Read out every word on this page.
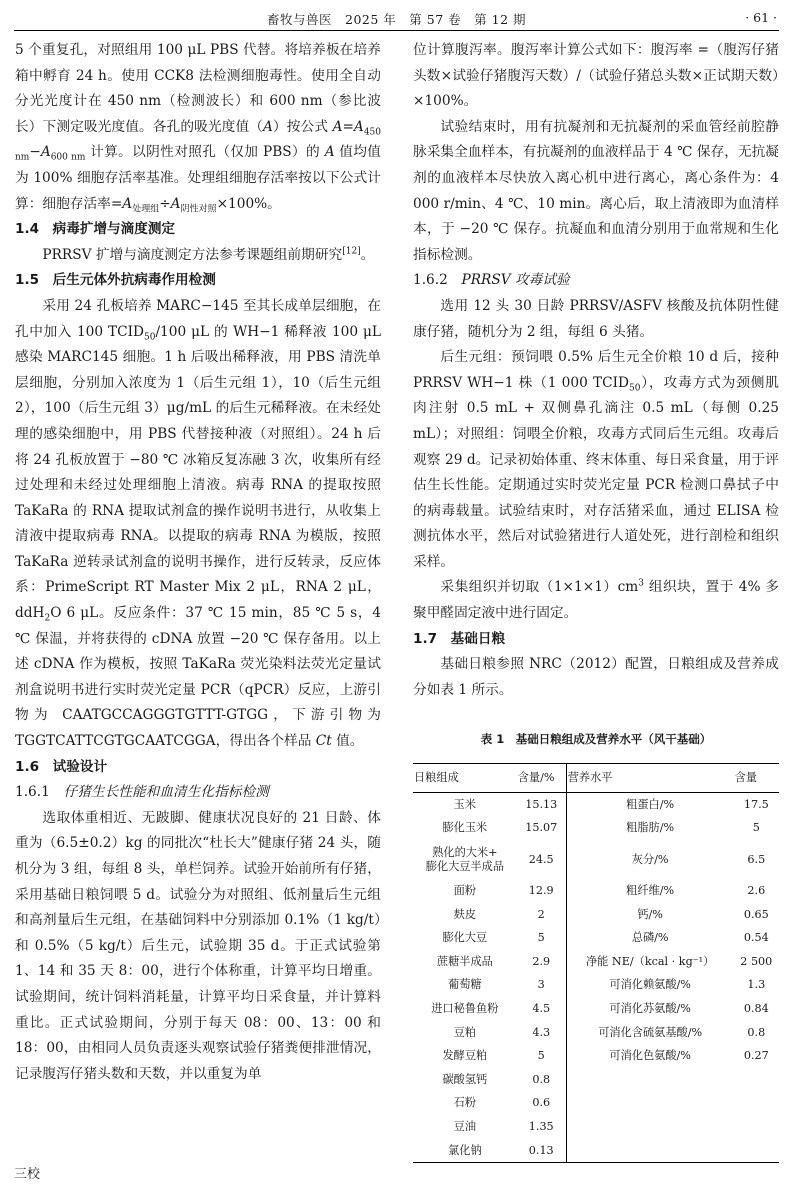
畜牧与兽医  2025 年  第 57 卷  第 12 期	· 61 ·

5 个重复孔，对照组用 100 μL PBS 代替。将培养板在培养箱中孵育 24 h。使用 CCK8 法检测细胞毒性。使用全自动分光光度计在 450 nm（检测波长）和 600 nm（参比波长）下测定吸光度值。各孔的吸光度值（A）按公式 $A=A_{450 nm}-A_{600 nm}$ 计算。以阴性对照孔（仅加 PBS）的 A 值均值为 100% 细胞存活率基准。处理组细胞存活率按以下公式计算：细胞存活率$=A_{处理组}\div A_{阴性对照}\times 100\%$。

1.4　病毒扩增与滴度测定

PRRSV 扩增与滴度测定方法参考课题组前期研究[12]。

1.5　后生元体外抗病毒作用检测

采用 24 孔板培养 MARC−145 至其长成单层细胞，在孔中加入 100 $TCID_{50}/100$ μL 的 WH−1 稀释液 100 μL 感染 MARC145 细胞。1 h 后吸出稀释液，用 PBS 清洗单层细胞，分别加入浓度为 1（后生元组 1），10（后生元组 2），100（后生元组 3）μg/mL 的后生元稀释液。在未经处理的感染细胞中，用 PBS 代替接种液（对照组）。24 h 后将 24 孔板放置于 −80 ℃ 冰箱反复冻融 3 次，收集所有经过处理和未经过处理细胞上清液。病毒 RNA 的提取按照 TaKaRa 的 RNA 提取试剂盒的操作说明书进行，从收集上清液中提取病毒 RNA。以提取的病毒 RNA 为模版，按照 TaKaRa 逆转录试剂盒的说明书操作，进行反转录，反应体系：PrimeScript RT Master Mix 2 μL，RNA 2 μL，ddH$_2$O 6 μL。反应条件：37 ℃ 15 min，85 ℃ 5 s，4 ℃ 保温，并将获得的 cDNA 放置 −20 ℃ 保存备用。以上述 cDNA 作为模板，按照 TaKaRa 荧光染料法荧光定量试剂盒说明书进行实时荧光定量 PCR（qPCR）反应，上游引物为 CAATGCCAGGGTGTTT-GTGG，下游引物为 TGGTCATTCGTGCAATCGGA，得出各个样品 Ct 值。

1.6　试验设计

1.6.1　仔猪生长性能和血清生化指标检测

选取体重相近、无跛脚、健康状况良好的 21 日龄、体重为（6.5±0.2）kg 的同批次“杜长大”健康仔猪 24 头，随机分为 3 组，每组 8 头，单栏饲养。试验开始前所有仔猪，采用基础日粮饲喂 5 d。试验分为对照组、低剂量后生元组和高剂量后生元组，在基础饲料中分别添加 0.1%（1 kg/t）和 0.5%（5 kg/t）后生元，试验期 35 d。于正式试验第 1、14 和 35 天 8：00，进行个体称重，计算平均日增重。试验期间，统计饲料消耗量，计算平均日采食量，并计算料重比。正式试验期间，分别于每天 08：00、13：00 和 18：00，由相同人员负责逐头观察试验仔猪粪便排泄情况，记录腹泻仔猪头数和天数，并以重复为单

位计算腹泻率。腹泻率计算公式如下：腹泻率 =（腹泻仔猪头数×试验仔猪腹泻天数）/（试验仔猪总头数×正试期天数）×100%。

试验结束时，用有抗凝剂和无抗凝剂的采血管经前腔静脉采集全血样本，有抗凝剂的血液样品于 4 ℃ 保存，无抗凝剂的血液样本尽快放入离心机中进行离心，离心条件为：4 000 r/min、4 ℃、10 min。离心后，取上清液即为血清样本，于 −20 ℃ 保存。抗凝血和血清分别用于血常规和生化指标检测。

1.6.2　PRRSV 攻毒试验

选用 12 头 30 日龄 PRRSV/ASFV 核酸及抗体阴性健康仔猪，随机分为 2 组，每组 6 头猪。

后生元组：预饲喂 0.5% 后生元全价粮 10 d 后，接种 PRRSV WH−1 株（1 000 $TCID_{50}$），攻毒方式为颈侧肌肉注射 0.5 mL + 双侧鼻孔滴注 0.5 mL（每侧 0.25 mL）；对照组：饲喂全价粮，攻毒方式同后生元组。攻毒后观察 29 d。记录初始体重、终末体重、每日采食量，用于评估生长性能。定期通过实时荧光定量 PCR 检测口鼻拭子中的病毒载量。试验结束时，对存活猪采血，通过 ELISA 检测抗体水平，然后对试验猪进行人道处死，进行剖检和组织采样。

采集组织并切取$(1\times 1\times 1)cm^3$ 组织块，置于 4% 多聚甲醛固定液中进行固定。

1.7　基础日粮

基础日粮参照 NRC（2012）配置，日粮组成及营养成分如表 1 所示。

表 1　基础日粮组成及营养水平（风干基础）
日粮组成	含量/%	营养水平	含量
玉米	15.13	粗蛋白/%	17.5
膨化玉米	15.07	粗脂肪/%	5
熟化的大米+
膨化大豆半成品	24.5	灰分/%	6.5
面粉	12.9	粗纤维/%	2.6
麸皮	2	钙/%	0.65
膨化大豆	5	总磷/%	0.54
蔗糖半成品	2.9	净能 NE/（kcal · kg⁻¹）	2 500
葡萄糖	3	可消化赖氨酸/%	1.3
进口秘鲁鱼粉	4.5	可消化苏氨酸/%	0.84
豆粕	4.3	可消化含硫氨基酸/%	0.8
发酵豆粕	5	可消化色氨酸/%	0.27
碳酸氢钙	0.8		
石粉	0.6		
豆油	1.35		
氯化钠	0.13		
三校
